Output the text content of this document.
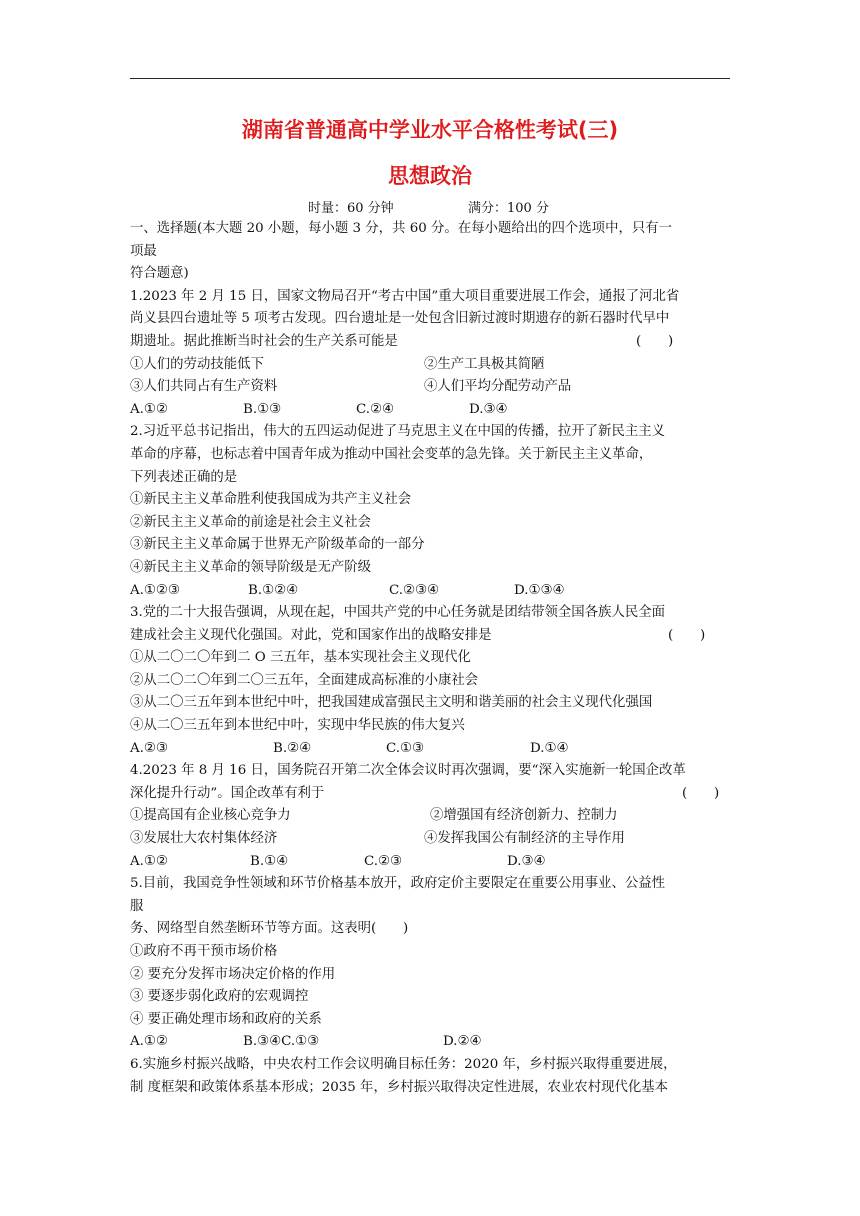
湖南省普通高中学业水平合格性考试(三)
思想政治
时量：60 分钟	满分：100 分
一、选择题(本大题 20 小题，每小题 3 分，共 60 分。在每小题给出的四个选项中，只有一
项最
符合题意)
1.2023 年 2 月 15 日，国家文物局召开“考古中国”重大项目重要进展工作会，通报了河北省
尚义县四台遗址等 5 项考古发现。四台遗址是一处包含旧新过渡时期遗存的新石器时代早中
期遗址。据此推断当时社会的生产关系可能是	(　　)
①人们的劳动技能低下	②生产工具极其简陋
③人们共同占有生产资料	④人们平均分配劳动产品
A.①②	B.①③	C.②④	D.③④
2.习近平总书记指出，伟大的五四运动促进了马克思主义在中国的传播，拉开了新民主主义
革命的序幕，也标志着中国青年成为推动中国社会变革的急先锋。关于新民主主义革命，
下列表述正确的是
①新民主主义革命胜利使我国成为共产主义社会
②新民主主义革命的前途是社会主义社会
③新民主主义革命属于世界无产阶级革命的一部分
④新民主主义革命的领导阶级是无产阶级
A.①②③	B.①②④	C.②③④	D.①③④
3.党的二十大报告强调，从现在起，中国共产党的中心任务就是团结带领全国各族人民全面
建成社会主义现代化强国。对此，党和国家作出的战略安排是	(　　)
①从二〇二〇年到二 O 三五年，基本实现社会主义现代化
②从二〇二〇年到二〇三五年，全面建成高标准的小康社会
③从二〇三五年到本世纪中叶，把我国建成富强民主文明和谐美丽的社会主义现代化强国
④从二〇三五年到本世纪中叶，实现中华民族的伟大复兴
A.②③	B.②④	C.①③	D.①④
4.2023 年 8 月 16 日，国务院召开第二次全体会议时再次强调，要“深入实施新一轮国企改革
深化提升行动”。国企改革有利于	(　　)
①提高国有企业核心竞争力	②增强国有经济创新力、控制力
③发展壮大农村集体经济	④发挥我国公有制经济的主导作用
A.①②	B.①④	C.②③	D.③④
5.目前，我国竞争性领域和环节价格基本放开，政府定价主要限定在重要公用事业、公益性
服
务、网络型自然垄断环节等方面。这表明(　　)
①政府不再干预市场价格
② 要充分发挥市场决定价格的作用
③ 要逐步弱化政府的宏观调控
④ 要正确处理市场和政府的关系
A.①②	B.③④C.①③	D.②④
6.实施乡村振兴战略，中央农村工作会议明确目标任务：2020 年，乡村振兴取得重要进展，
制 度框架和政策体系基本形成；2035 年，乡村振兴取得决定性进展，农业农村现代化基本
